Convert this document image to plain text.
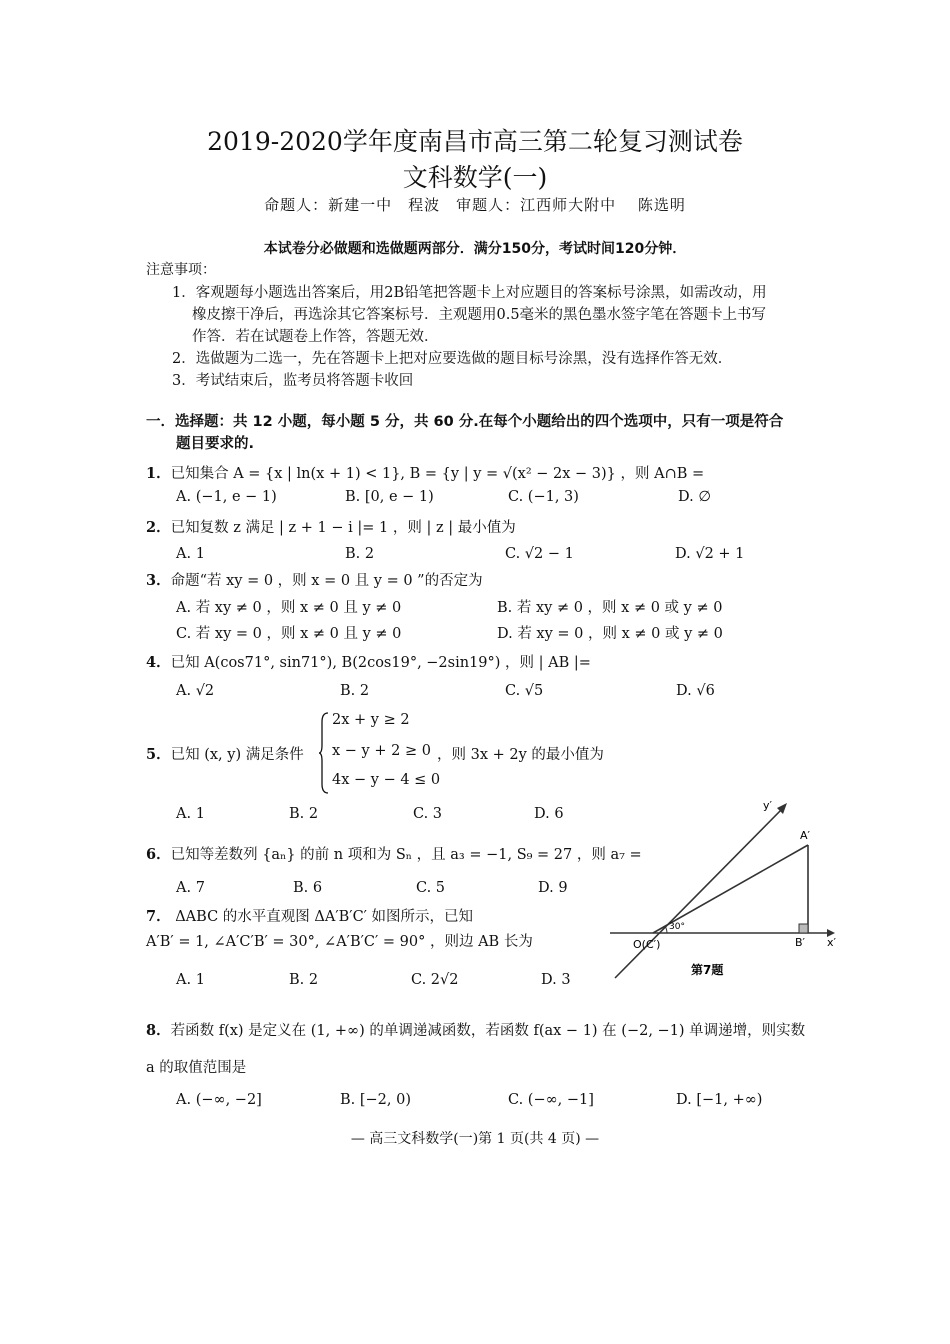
2019-2020学年度南昌市高三第二轮复习测试卷
文科数学(一)
命题人：新建一中　程波　审题人：江西师大附中　 陈选明
本试卷分必做题和选做题两部分．满分150分，考试时间120分钟．
注意事项：
1．客观题每小题选出答案后，用2B铅笔把答题卡上对应题目的答案标号涂黑，如需改动，用
橡皮擦干净后，再选涂其它答案标号．主观题用0.5毫米的黑色墨水签字笔在答题卡上书写
作答．若在试题卷上作答，答题无效．
2．选做题为二选一，先在答题卡上把对应要选做的题目标号涂黑，没有选择作答无效．
3．考试结束后，监考员将答题卡收回
一．选择题：共 12 小题，每小题 5 分，共 60 分.在每个小题给出的四个选项中，只有一项是符合
题目要求的.
1．已知集合 A = {x | ln(x + 1) < 1}, B = {y | y = √(x² − 2x − 3)} ，则 A∩B =
A. (−1, e − 1)	B. [0, e − 1)	C. (−1, 3)	D. ∅
2．已知复数 z 满足 | z + 1 − i |= 1 ，则 | z | 最小值为
A. 1	B. 2	C. √2 − 1	D. √2 + 1
3．命题“若 xy = 0 ，则 x = 0 且 y = 0 ”的否定为
A. 若 xy ≠ 0 ，则 x ≠ 0 且 y ≠ 0	B. 若 xy ≠ 0 ，则 x ≠ 0 或 y ≠ 0
C. 若 xy = 0 ，则 x ≠ 0 且 y ≠ 0	D. 若 xy = 0 ，则 x ≠ 0 或 y ≠ 0
4．已知 A(cos71°, sin71°), B(2cos19°, −2sin19°) ，则 | AB |=
A. √2	B. 2	C. √5	D. √6
5．已知 (x, y) 满足条件
2x + y ≥ 2
x − y + 2 ≥ 0
4x − y − 4 ≤ 0
，则 3x + 2y 的最小值为
A. 1	B. 2	C. 3	D. 6
6．已知等差数列 {aₙ} 的前 n 项和为 Sₙ ，且 a₃ = −1, S₉ = 27 ，则 a₇ =
A. 7	B. 6	C. 5	D. 9
7． ΔABC 的水平直观图 ΔA′B′C′ 如图所示，已知
A′B′ = 1, ∠A′C′B′ = 30°, ∠A′B′C′ = 90° ，则边 AB 长为
A. 1	B. 2	C. 2√2	D. 3
y′
x′
A′
B′
O(C′)
30°
第7题
8．若函数 f(x) 是定义在 (1, +∞) 的单调递减函数，若函数 f(ax − 1) 在 (−2, −1) 单调递增，则实数
a 的取值范围是
A. (−∞, −2]	B. [−2, 0)	C. (−∞, −1]	D. [−1, +∞)
— 高三文科数学(一)第 1 页(共 4 页) —
